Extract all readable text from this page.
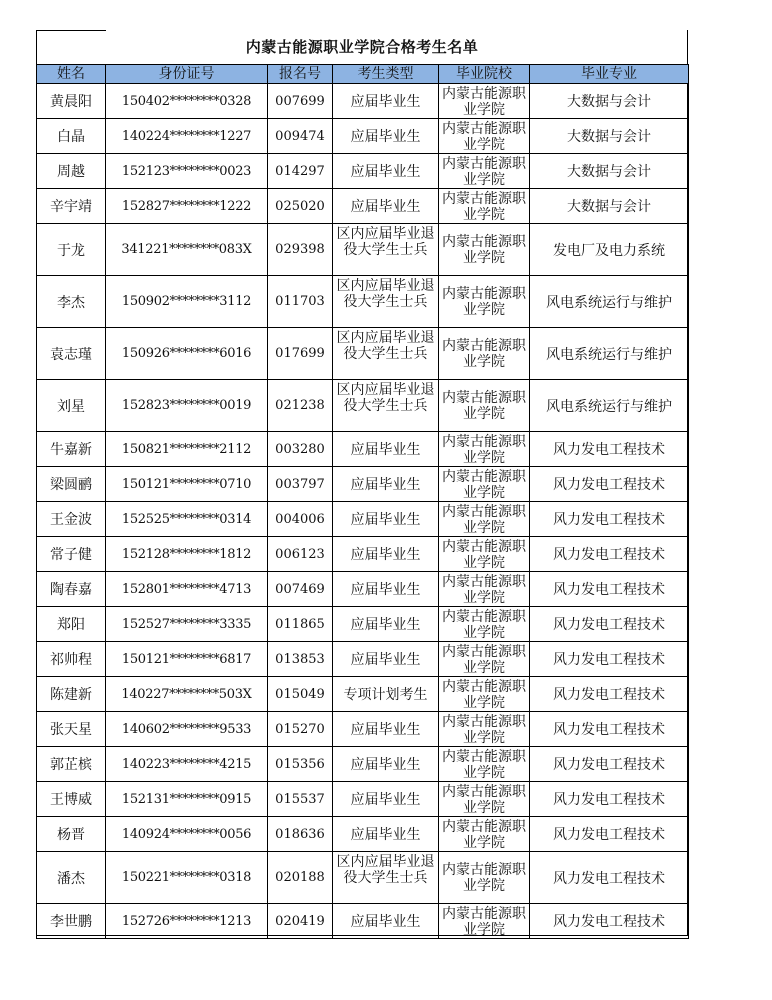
内蒙古能源职业学院合格考生名单
姓名	身份证号	报名号	考生类型	毕业院校	毕业专业
黄晨阳	150402********0328	007699	应届毕业生	内蒙古能源职业学院	大数据与会计
白晶	140224********1227	009474	应届毕业生	内蒙古能源职业学院	大数据与会计
周越	152123********0023	014297	应届毕业生	内蒙古能源职业学院	大数据与会计
辛宇靖	152827********1222	025020	应届毕业生	内蒙古能源职业学院	大数据与会计
于龙	341221********083X	029398	区内应届毕业退役大学生士兵	内蒙古能源职业学院	发电厂及电力系统
李杰	150902********3112	011703	区内应届毕业退役大学生士兵	内蒙古能源职业学院	风电系统运行与维护
袁志瑾	150926********6016	017699	区内应届毕业退役大学生士兵	内蒙古能源职业学院	风电系统运行与维护
刘星	152823********0019	021238	区内应届毕业退役大学生士兵	内蒙古能源职业学院	风电系统运行与维护
牛嘉新	150821********2112	003280	应届毕业生	内蒙古能源职业学院	风力发电工程技术
梁圆鹂	150121********0710	003797	应届毕业生	内蒙古能源职业学院	风力发电工程技术
王金波	152525********0314	004006	应届毕业生	内蒙古能源职业学院	风力发电工程技术
常子健	152128********1812	006123	应届毕业生	内蒙古能源职业学院	风力发电工程技术
陶春嘉	152801********4713	007469	应届毕业生	内蒙古能源职业学院	风力发电工程技术
郑阳	152527********3335	011865	应届毕业生	内蒙古能源职业学院	风力发电工程技术
祁帅程	150121********6817	013853	应届毕业生	内蒙古能源职业学院	风力发电工程技术
陈建新	140227********503X	015049	专项计划考生	内蒙古能源职业学院	风力发电工程技术
张天星	140602********9533	015270	应届毕业生	内蒙古能源职业学院	风力发电工程技术
郭芷槟	140223********4215	015356	应届毕业生	内蒙古能源职业学院	风力发电工程技术
王博威	152131********0915	015537	应届毕业生	内蒙古能源职业学院	风力发电工程技术
杨晋	140924********0056	018636	应届毕业生	内蒙古能源职业学院	风力发电工程技术
潘杰	150221********0318	020188	区内应届毕业退役大学生士兵	内蒙古能源职业学院	风力发电工程技术
李世鹏	152726********1213	020419	应届毕业生	内蒙古能源职业学院	风力发电工程技术
